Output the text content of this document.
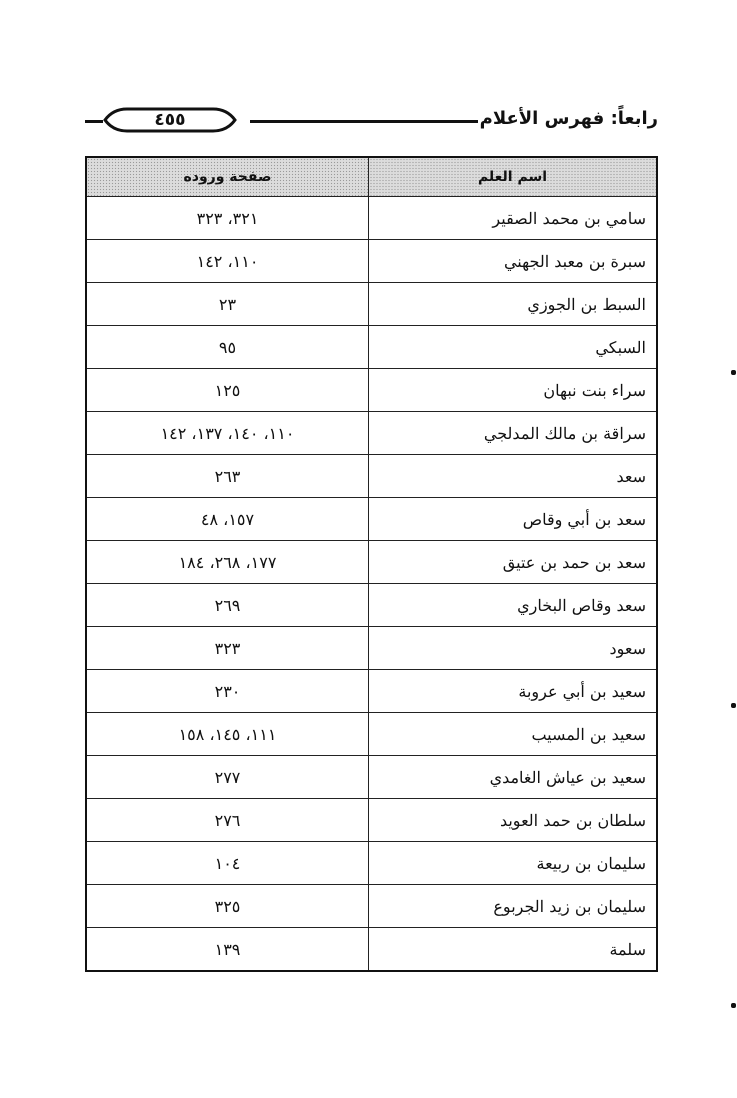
رابعاً: فهرس الأعلام
٤٥٥
اسم العلم	صفحة وروده
سامي بن محمد الصقير	٣٢١، ٣٢٣
سبرة بن معبد الجهني	١١٠، ١٤٢
السبط بن الجوزي	٢٣
السبكي	٩٥
سراء بنت نبهان	١٢٥
سراقة بن مالك المدلجي	١١٠، ١٤٠، ١٣٧، ١٤٢
سعد	٢٦٣
سعد بن أبي وقاص	١٥٧، ٤٨
سعد بن حمد بن عتيق	١٧٧، ٢٦٨، ١٨٤
سعد وقاص البخاري	٢٦٩
سعود	٣٢٣
سعيد بن أبي عروبة	٢٣٠
سعيد بن المسيب	١١١، ١٤٥، ١٥٨
سعيد بن عياش الغامدي	٢٧٧
سلطان بن حمد العويد	٢٧٦
سليمان بن ربيعة	١٠٤
سليمان بن زيد الجربوع	٣٢٥
سلمة	١٣٩
